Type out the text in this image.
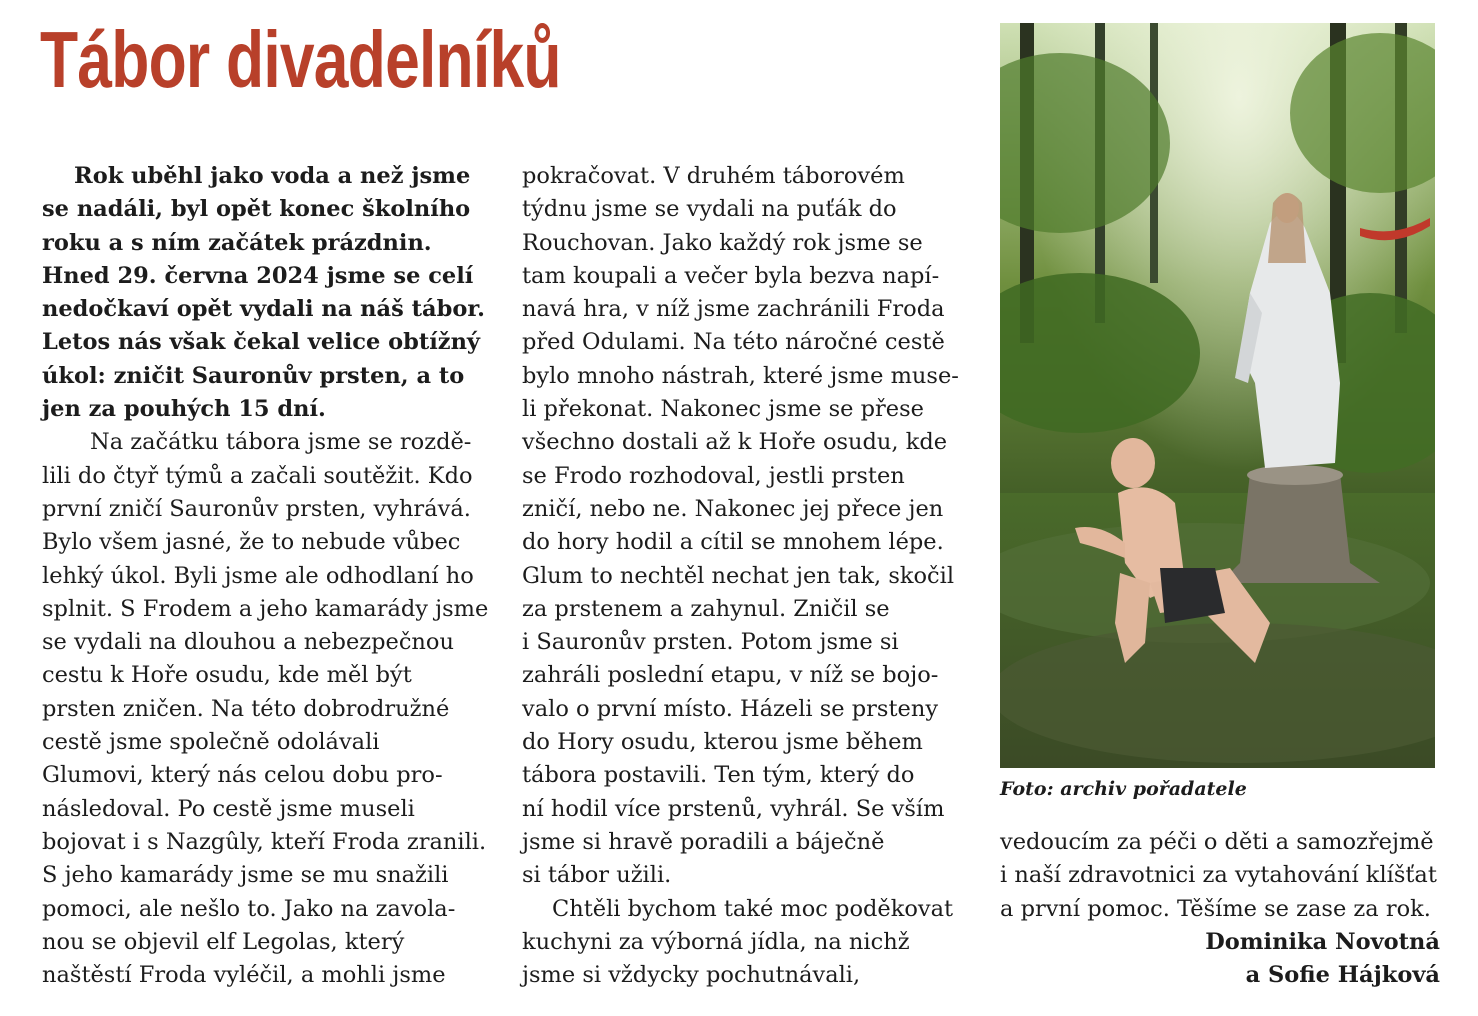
Tábor divadelníků
Rok uběhl jako voda a než jsme
se nadáli, byl opět konec školního
roku a s ním začátek prázdnin.
Hned 29. června 2024 jsme se celí
nedočkaví opět vydali na náš tábor.
Letos nás však čekal velice obtížný
úkol: zničit Sauronův prsten, a to
jen za pouhých 15 dní.
Na začátku tábora jsme se rozdě-
lili do čtyř týmů a začali soutěžit. Kdo
první zničí Sauronův prsten, vyhrává.
Bylo všem jasné, že to nebude vůbec
lehký úkol. Byli jsme ale odhodlaní ho
splnit. S Frodem a jeho kamarády jsme
se vydali na dlouhou a nebezpečnou
cestu k Hoře osudu, kde měl být
prsten zničen. Na této dobrodružné
cestě jsme společně odolávali
Glumovi, který nás celou dobu pro-
následoval. Po cestě jsme museli
bojovat i s Nazgûly, kteří Froda zranili.
S jeho kamarády jsme se mu snažili
pomoci, ale nešlo to. Jako na zavola-
nou se objevil elf Legolas, který
naštěstí Froda vyléčil, a mohli jsme
pokračovat. V druhém táborovém
týdnu jsme se vydali na puťák do
Rouchovan. Jako každý rok jsme se
tam koupali a večer byla bezva napí-
navá hra, v níž jsme zachránili Froda
před Odulami. Na této náročné cestě
bylo mnoho nástrah, které jsme muse-
li překonat. Nakonec jsme se přese
všechno dostali až k Hoře osudu, kde
se Frodo rozhodoval, jestli prsten
zničí, nebo ne. Nakonec jej přece jen
do hory hodil a cítil se mnohem lépe.
Glum to nechtěl nechat jen tak, skočil
za prstenem a zahynul. Zničil se
i Sauronův prsten. Potom jsme si
zahráli poslední etapu, v níž se bojo-
valo o první místo. Házeli se prsteny
do Hory osudu, kterou jsme během
tábora postavili. Ten tým, který do
ní hodil více prstenů, vyhrál. Se vším
jsme si hravě poradili a báječně
si tábor užili.
Chtěli bychom také moc poděkovat
kuchyni za výborná jídla, na nichž
jsme si vždycky pochutnávali,
Foto: archiv pořadatele
vedoucím za péči o děti a samozřejmě
i naší zdravotnici za vytahování klíšťat
a první pomoc. Těšíme se zase za rok.
Dominika Novotná
a Sofie Hájková
